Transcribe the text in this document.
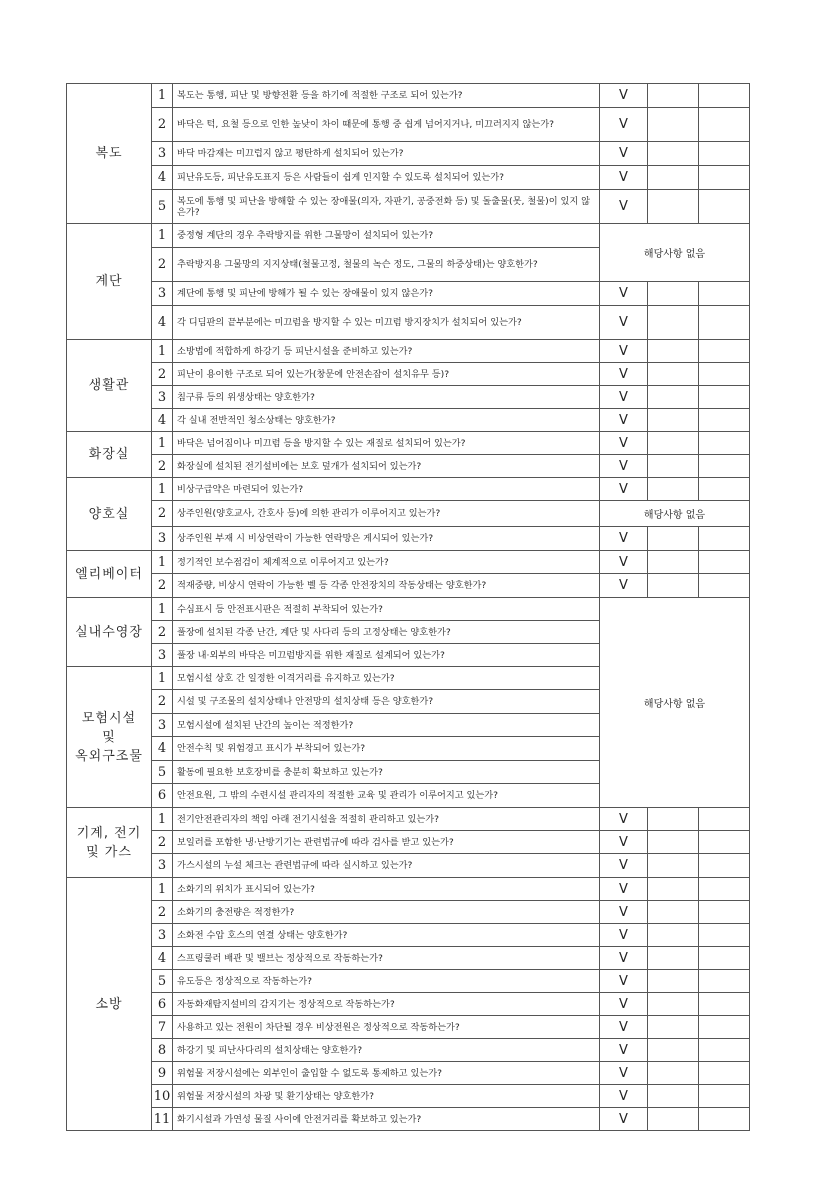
복도	1	복도는 통행, 피난 및 방향전환 등을 하기에 적절한 구조로 되어 있는가?	V		
	2	바닥은 턱, 요철 등으로 인한 높낮이 차이 때문에 통행 중 쉽게 넘어지거나, 미끄러지지 않는가?	V		
	3	바닥 마감재는 미끄럽지 않고 평탄하게 설치되어 있는가?	V		
	4	피난유도등, 피난유도표지 등은 사람들이 쉽게 인지할 수 있도록 설치되어 있는가?	V		
	5	복도에 통행 및 피난을 방해할 수 있는 장애물(의자, 자판기, 공중전화 등) 및 돌출물(못, 철물)이 있지 않은가?	V		
계단	1	중정형 계단의 경우 추락방지를 위한 그물망이 설치되어 있는가?	해당사항 없음		
	2	추락방지용 그물망의 지지상태(철물고정, 철물의 녹슨 정도, 그물의 하중상태)는 양호한가?			
	3	계단에 통행 및 피난에 방해가 될 수 있는 장애물이 있지 않은가?	V		
	4	각 디딤판의 끝부분에는 미끄럼을 방지할 수 있는 미끄럼 방지장치가 설치되어 있는가?	V		
생활관	1	소방법에 적합하게 하강기 등 피난시설을 준비하고 있는가?	V		
	2	피난이 용이한 구조로 되어 있는가(창문에 안전손잡이 설치유무 등)?	V		
	3	침구류 등의 위생상태는 양호한가?	V		
	4	각 실내 전반적인 청소상태는 양호한가?	V		
화장실	1	바닥은 넘어짐이나 미끄럼 등을 방지할 수 있는 재질로 설치되어 있는가?	V		
	2	화장실에 설치된 전기설비에는 보호 덮개가 설치되어 있는가?	V		
양호실	1	비상구급약은 마련되어 있는가?	V		
	2	상주인원(양호교사, 간호사 등)에 의한 관리가 이루어지고 있는가?	해당사항 없음		
	3	상주인원 부재 시 비상연락이 가능한 연락망은 게시되어 있는가?	V		
엘리베이터	1	정기적인 보수점검이 체계적으로 이루어지고 있는가?	V		
	2	적재중량, 비상시 연락이 가능한 벨 등 각종 안전장치의 작동상태는 양호한가?	V		
실내수영장	1	수심표시 등 안전표시판은 적절히 부착되어 있는가?	해당사항 없음		
	2	풀장에 설치된 각종 난간, 계단 및 사다리 등의 고정상태는 양호한가?			
	3	풀장 내·외부의 바닥은 미끄럼방지를 위한 재질로 설계되어 있는가?			
모험시설
및
옥외구조물	1	모험시설 상호 간 일정한 이격거리를 유지하고 있는가?			
	2	시설 및 구조물의 설치상태나 안전망의 설치상태 등은 양호한가?			
	3	모험시설에 설치된 난간의 높이는 적정한가?			
	4	안전수칙 및 위험경고 표시가 부착되어 있는가?			
	5	활동에 필요한 보호장비를 충분히 확보하고 있는가?			
	6	안전요원, 그 밖의 수련시설 관리자의 적절한 교육 및 관리가 이루어지고 있는가?			
기계, 전기
및 가스	1	전기안전관리자의 책임 아래 전기시설을 적절히 관리하고 있는가?	V		
	2	보일러를 포함한 냉·난방기기는 관련법규에 따라 검사를 받고 있는가?	V		
	3	가스시설의 누설 체크는 관련법규에 따라 실시하고 있는가?	V		
소방	1	소화기의 위치가 표시되어 있는가?	V		
	2	소화기의 충전량은 적정한가?	V		
	3	소화전 수압 호스의 연결 상태는 양호한가?	V		
	4	스프링쿨러 배관 및 밸브는 정상적으로 작동하는가?	V		
	5	유도등은 정상적으로 작동하는가?	V		
	6	자동화재탐지설비의 감지기는 정상적으로 작동하는가?	V		
	7	사용하고 있는 전원이 차단될 경우 비상전원은 정상적으로 작동하는가?	V		
	8	하강기 및 피난사다리의 설치상태는 양호한가?	V		
	9	위험물 저장시설에는 외부인이 출입할 수 없도록 통제하고 있는가?	V		
	10	위험물 저장시설의 차광 및 환기상태는 양호한가?	V		
	11	화기시설과 가연성 물질 사이에 안전거리를 확보하고 있는가?	V		
